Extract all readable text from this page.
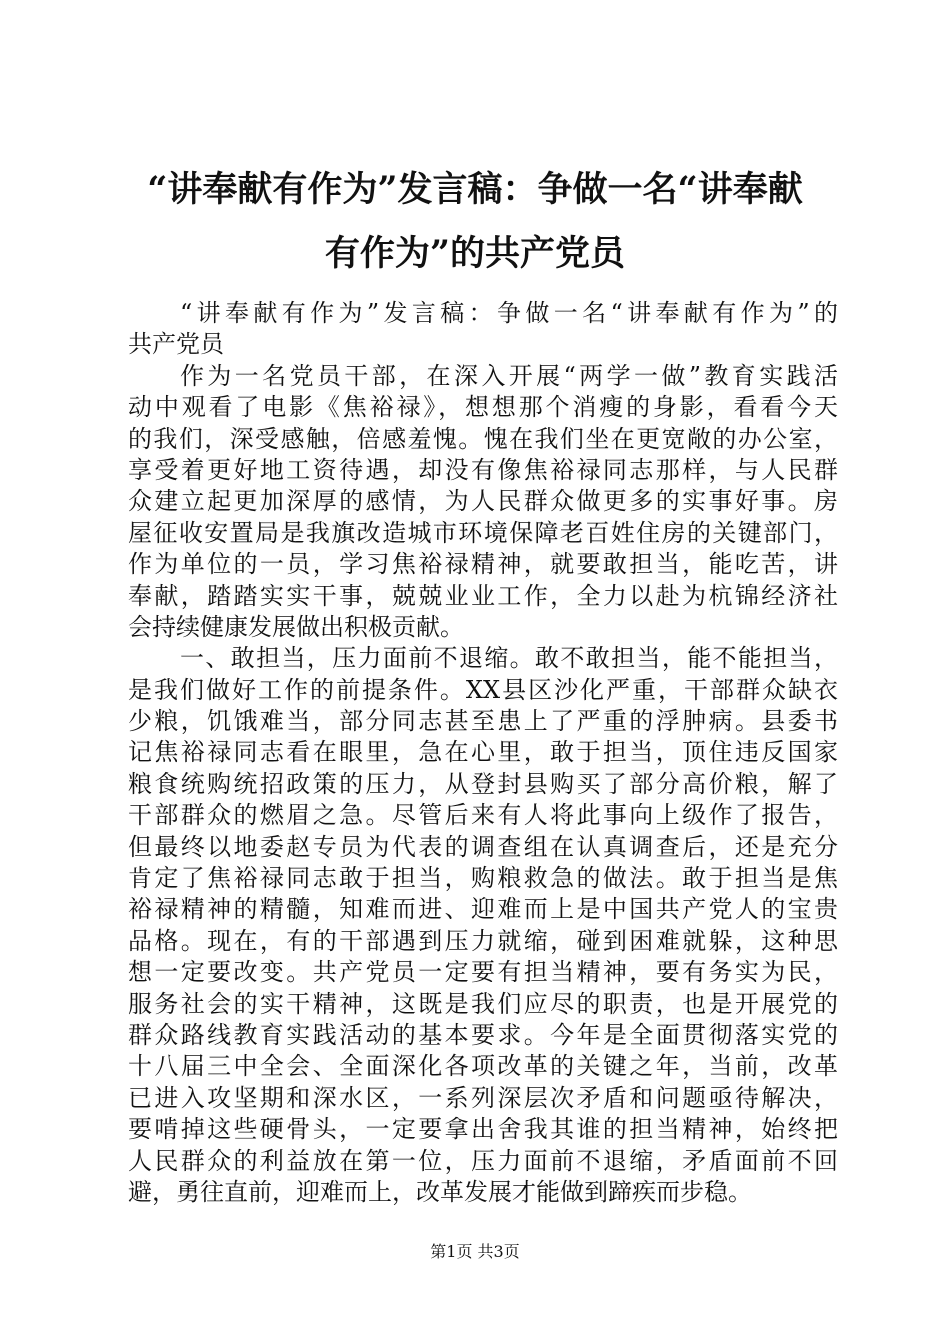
“讲奉献有作为”发言稿：争做一名“讲奉献
有作为”的共产党员
“讲奉献有作为”发言稿：争做一名“讲奉献有作为”的
共产党员
作为一名党员干部，在深入开展“两学一做”教育实践活
动中观看了电影《焦裕禄》，想想那个消瘦的身影，看看今天
的我们，深受感触，倍感羞愧。愧在我们坐在更宽敞的办公室，
享受着更好地工资待遇，却没有像焦裕禄同志那样，与人民群
众建立起更加深厚的感情，为人民群众做更多的实事好事。房
屋征收安置局是我旗改造城市环境保障老百姓住房的关键部门，
作为单位的一员，学习焦裕禄精神，就要敢担当，能吃苦，讲
奉献，踏踏实实干事，兢兢业业工作，全力以赴为杭锦经济社
会持续健康发展做出积极贡献。
一、敢担当，压力面前不退缩。敢不敢担当，能不能担当，
是我们做好工作的前提条件。XX县区沙化严重，干部群众缺衣
少粮，饥饿难当，部分同志甚至患上了严重的浮肿病。县委书
记焦裕禄同志看在眼里，急在心里，敢于担当，顶住违反国家
粮食统购统招政策的压力，从登封县购买了部分高价粮，解了
干部群众的燃眉之急。尽管后来有人将此事向上级作了报告，
但最终以地委赵专员为代表的调查组在认真调查后，还是充分
肯定了焦裕禄同志敢于担当，购粮救急的做法。敢于担当是焦
裕禄精神的精髓，知难而进、迎难而上是中国共产党人的宝贵
品格。现在，有的干部遇到压力就缩，碰到困难就躲，这种思
想一定要改变。共产党员一定要有担当精神，要有务实为民，
服务社会的实干精神，这既是我们应尽的职责，也是开展党的
群众路线教育实践活动的基本要求。今年是全面贯彻落实党的
十八届三中全会、全面深化各项改革的关键之年，当前，改革
已进入攻坚期和深水区，一系列深层次矛盾和问题亟待解决，
要啃掉这些硬骨头，一定要拿出舍我其谁的担当精神，始终把
人民群众的利益放在第一位，压力面前不退缩，矛盾面前不回
避，勇往直前，迎难而上，改革发展才能做到蹄疾而步稳。
第1页 共3页
